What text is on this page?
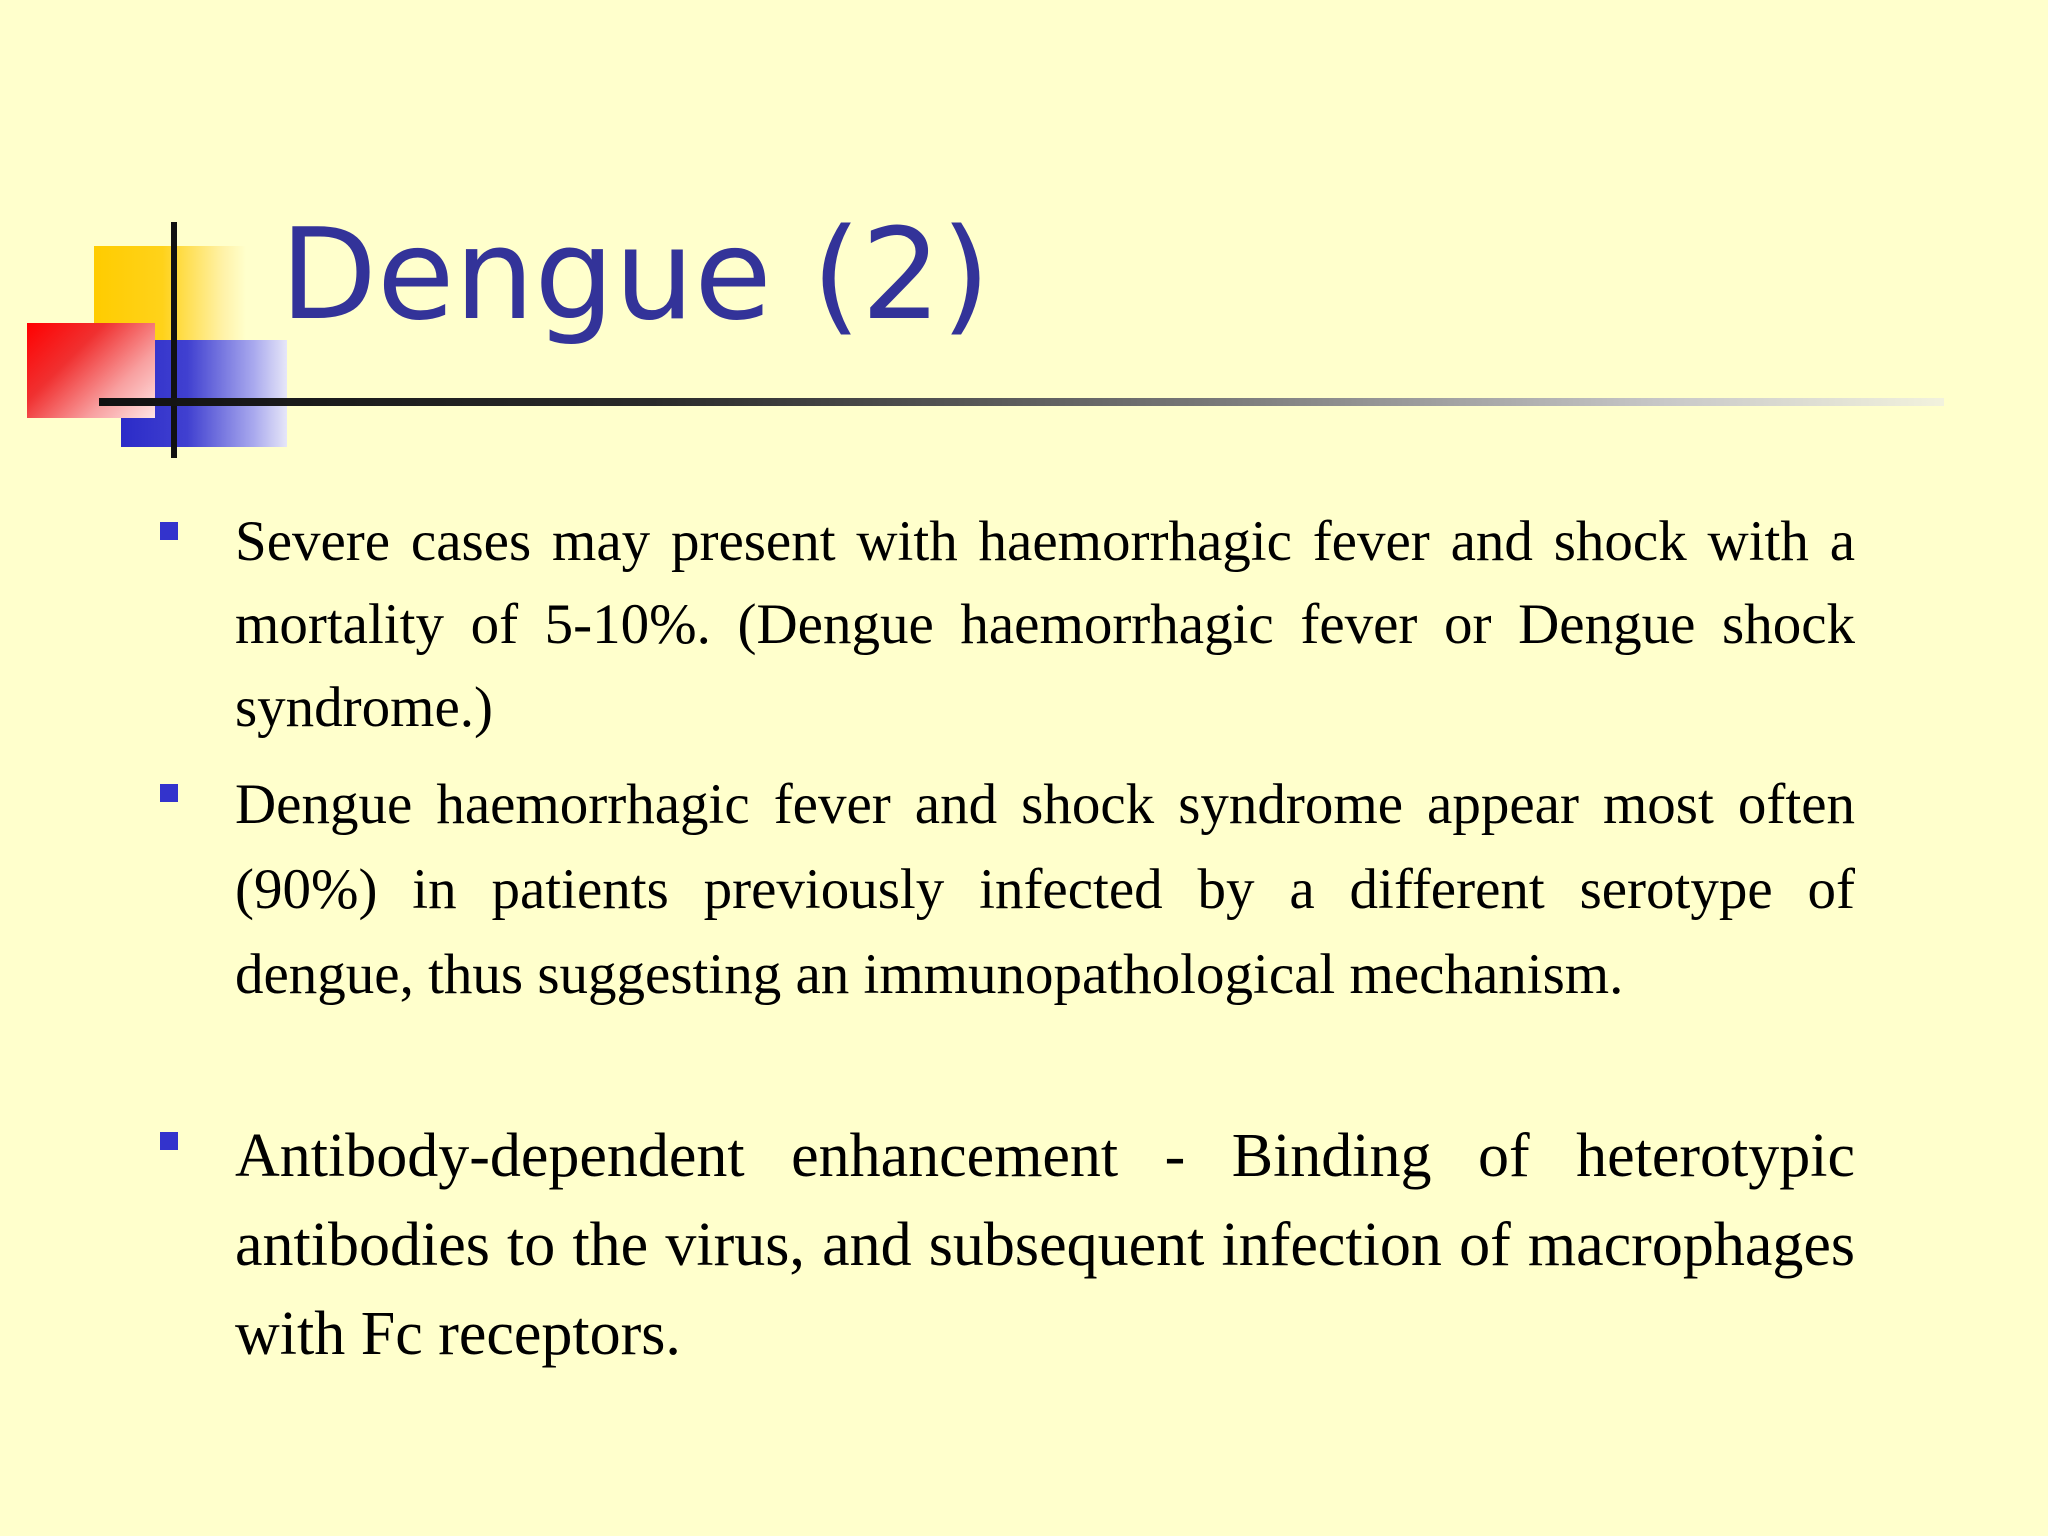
Dengue (2)

Severe cases may present with haemorrhagic fever and shock with a mortality of 5-10%. (Dengue haemorrhagic fever or Dengue shock syndrome.)

Dengue haemorrhagic fever and shock syndrome appear most often (90%) in patients previously infected by a different serotype of dengue, thus suggesting an immunopathological mechanism.

Antibody-dependent enhancement - Binding of heterotypic antibodies to the virus, and subsequent infection of macrophages with Fc receptors.
